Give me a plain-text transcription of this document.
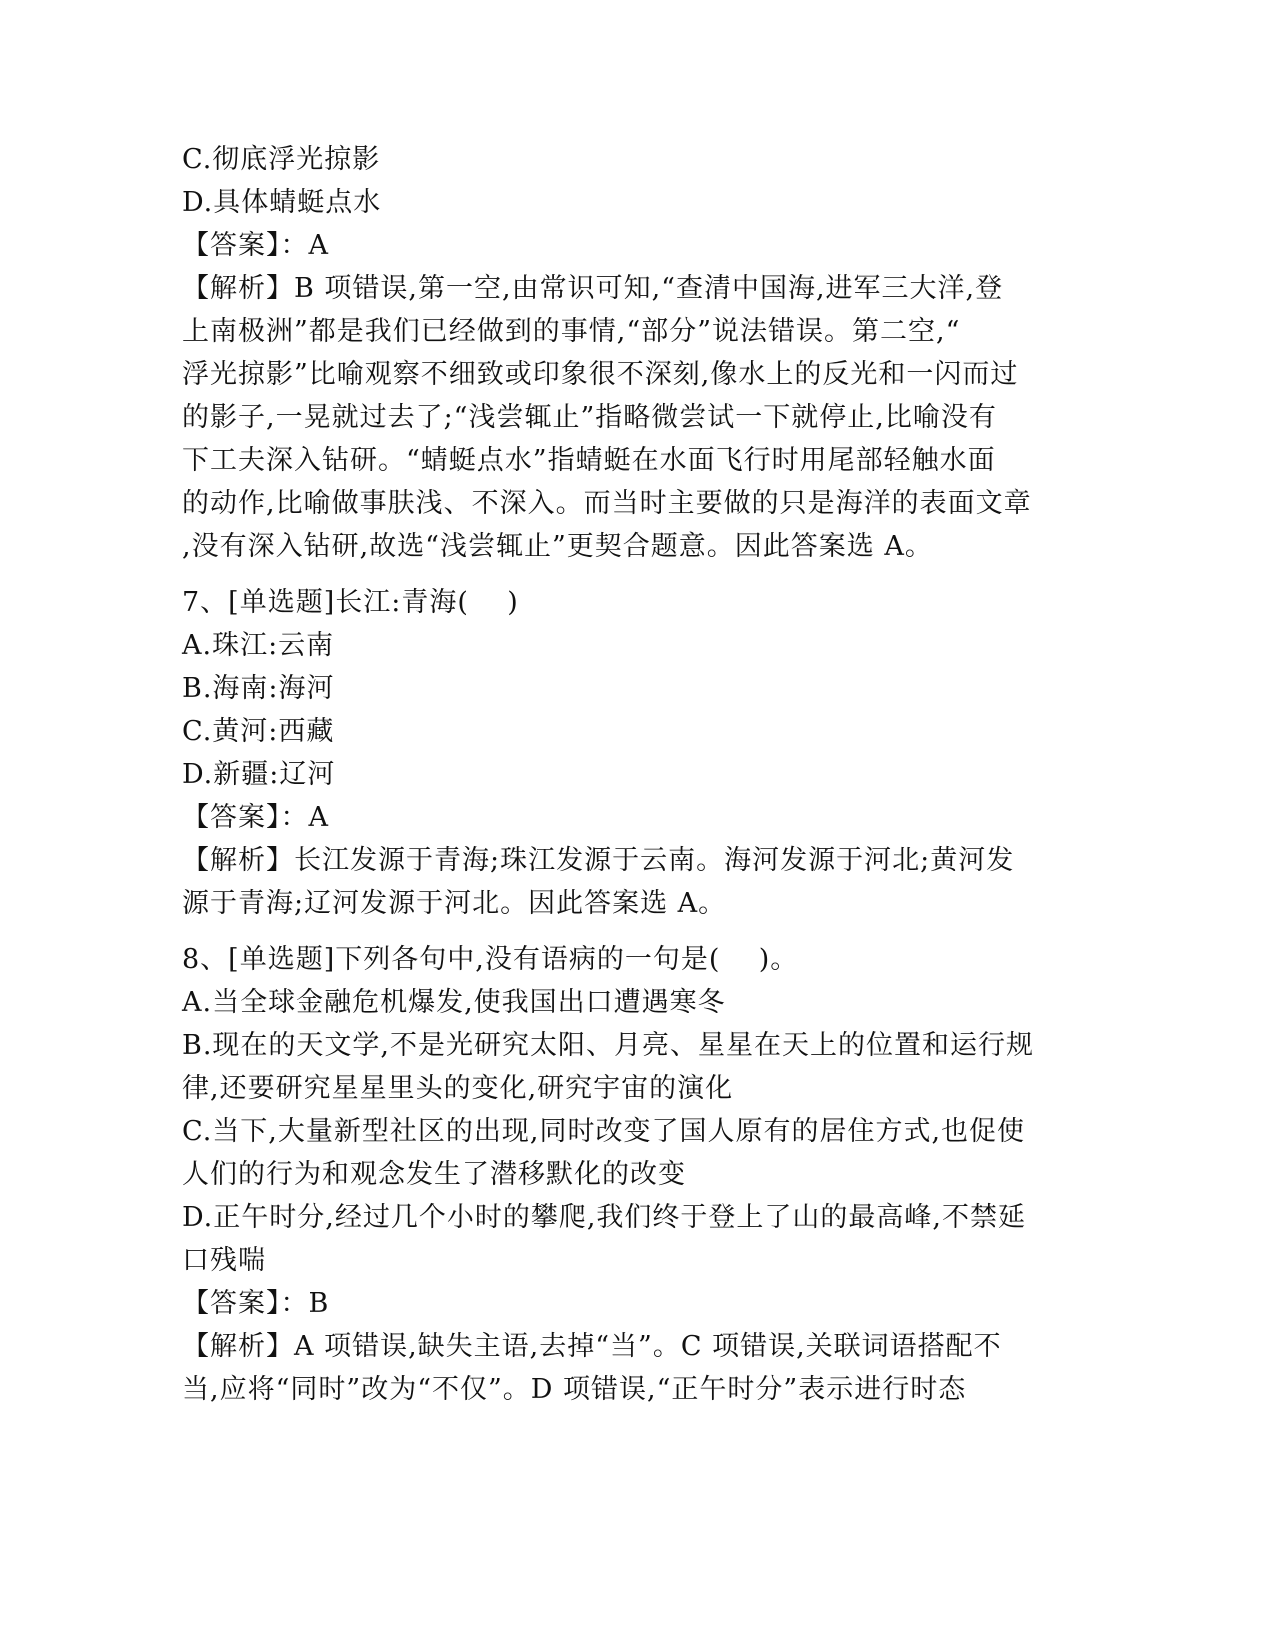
C.彻底浮光掠影
D.具体蜻蜓点水
【答案】：A
【解析】B 项错误,第一空,由常识可知,“查清中国海,进军三大洋,登
上南极洲”都是我们已经做到的事情,“部分”说法错误。第二空,“
浮光掠影”比喻观察不细致或印象很不深刻,像水上的反光和一闪而过
的影子,一晃就过去了;“浅尝辄止”指略微尝试一下就停止,比喻没有
下工夫深入钻研。“蜻蜓点水”指蜻蜓在水面飞行时用尾部轻触水面
的动作,比喻做事肤浅、不深入。而当时主要做的只是海洋的表面文章
,没有深入钻研,故选“浅尝辄止”更契合题意。因此答案选 A。
7、[单选题]长江:青海(    )
A.珠江:云南
B.海南:海河
C.黄河:西藏
D.新疆:辽河
【答案】：A
【解析】长江发源于青海;珠江发源于云南。海河发源于河北;黄河发
源于青海;辽河发源于河北。因此答案选 A。
8、[单选题]下列各句中,没有语病的一句是(    )。
A.当全球金融危机爆发,使我国出口遭遇寒冬
B.现在的天文学,不是光研究太阳、月亮、星星在天上的位置和运行规
律,还要研究星星里头的变化,研究宇宙的演化
C.当下,大量新型社区的出现,同时改变了国人原有的居住方式,也促使
人们的行为和观念发生了潜移默化的改变
D.正午时分,经过几个小时的攀爬,我们终于登上了山的最高峰,不禁延
口残喘
【答案】：B
【解析】A 项错误,缺失主语,去掉“当”。C 项错误,关联词语搭配不
当,应将“同时”改为“不仅”。D 项错误,“正午时分”表示进行时态
